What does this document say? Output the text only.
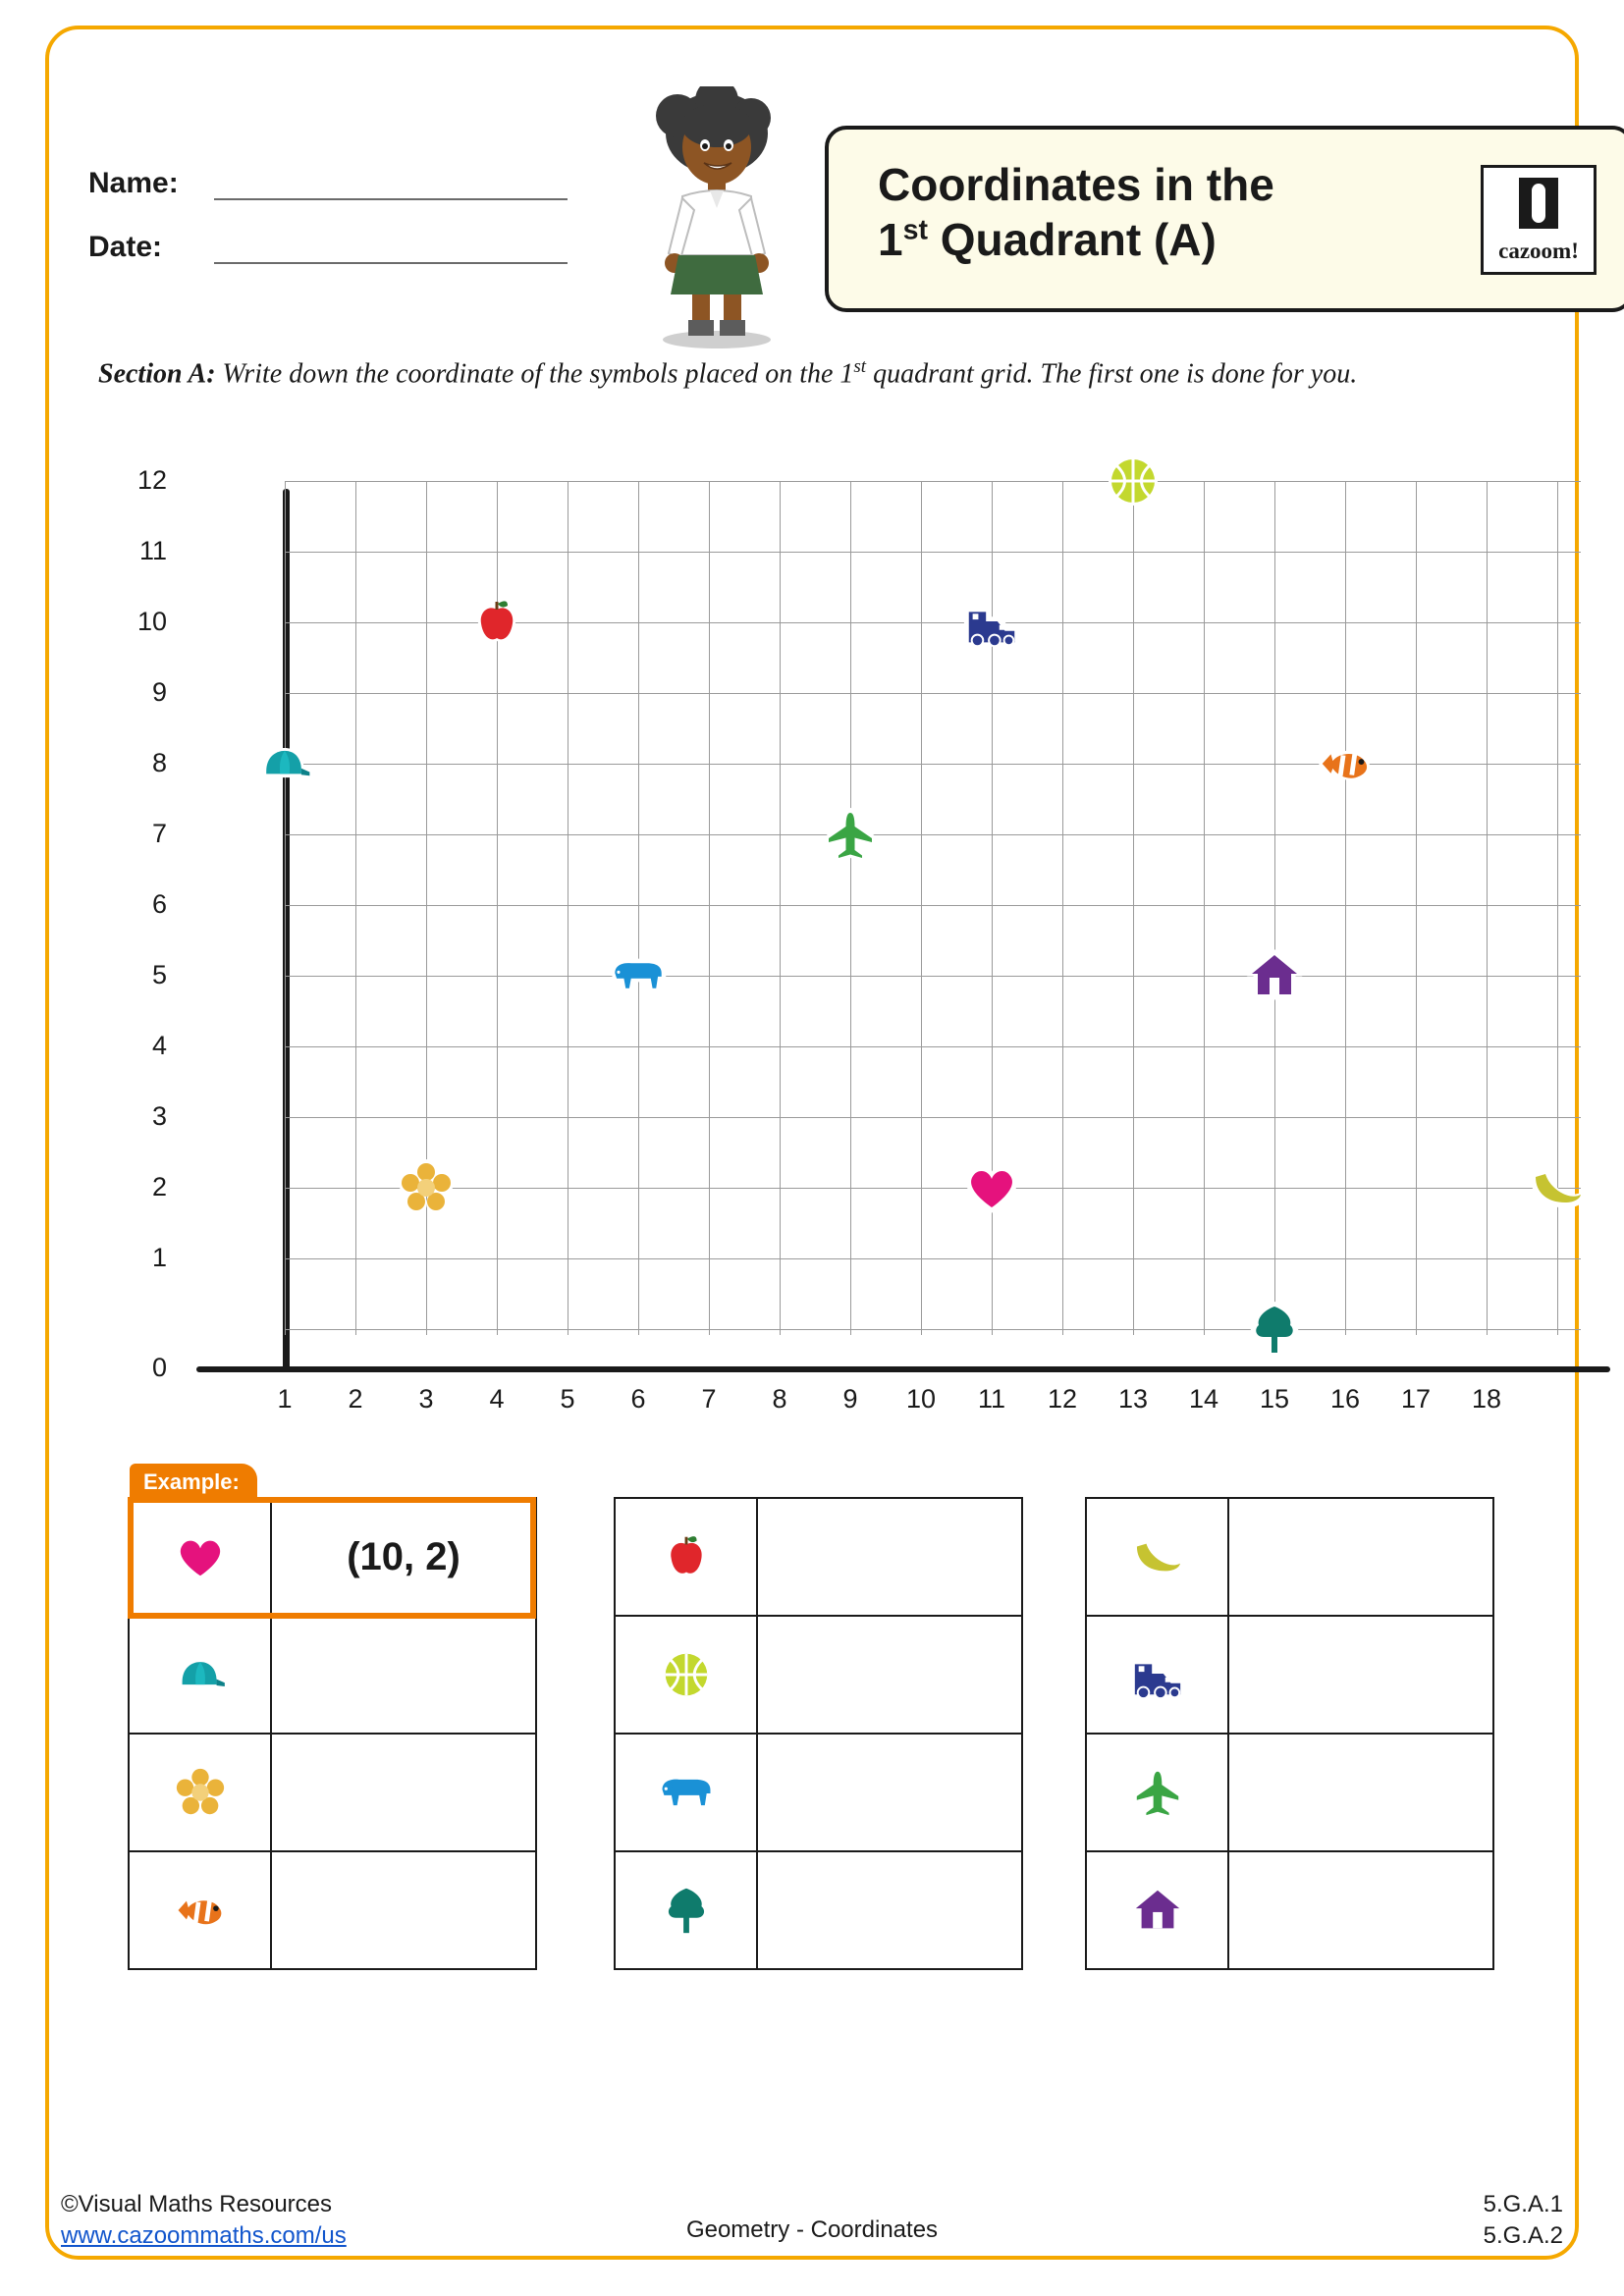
Name:
Date:
Coordinates in the
1st Quadrant (A)	cazoom!
Section A: Write down the coordinate of the symbols placed on the 1st quadrant grid. The first one is done for you.
12
11
10
9
8
7
6
5
4
3
2
1
0
1	2	3	4	5	6	7	8	9	10	11	12	13	14	15	16	17	18
Example:
	(10, 2)

©Visual Maths Resources
www.cazoommaths.com/us	Geometry - Coordinates
5.G.A.1
5.G.A.2
